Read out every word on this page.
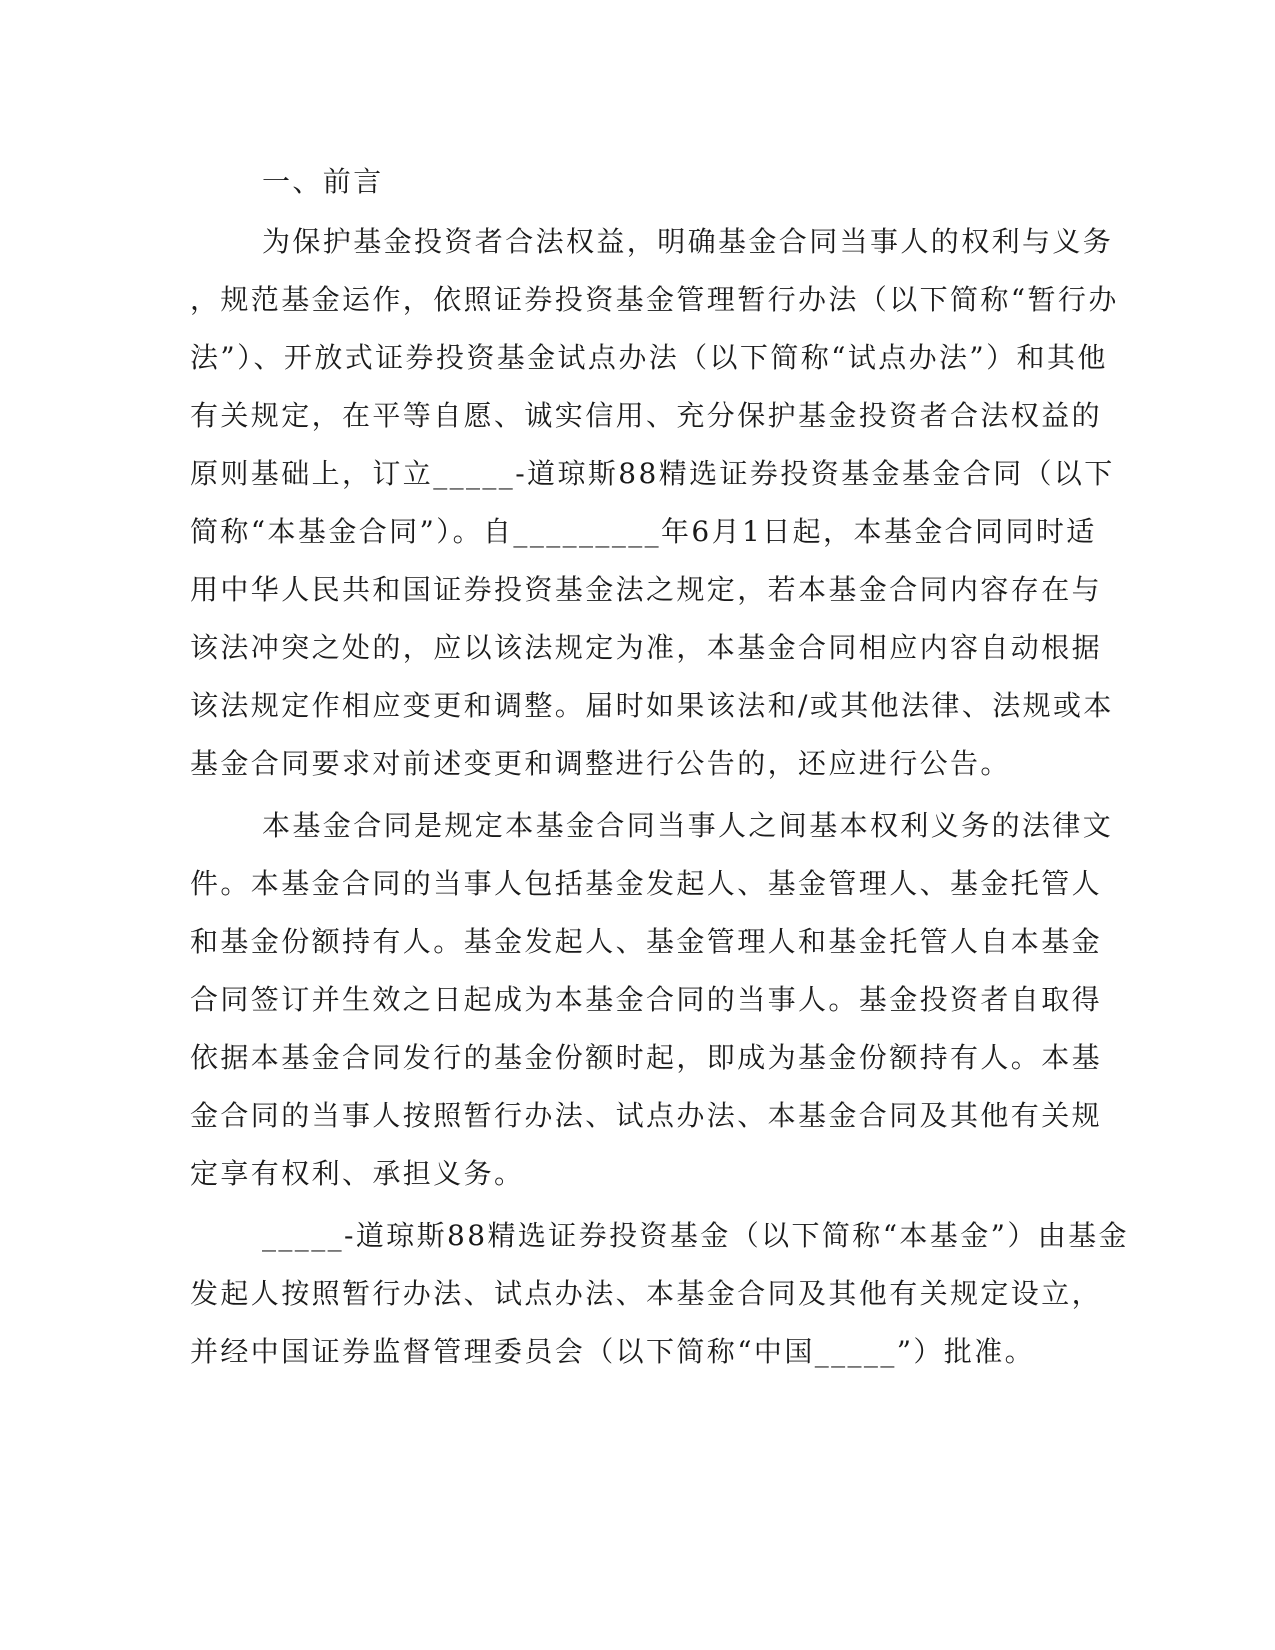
一、前言
为保护基金投资者合法权益，明确基金合同当事人的权利与义务
，规范基金运作，依照证券投资基金管理暂行办法（以下简称“暂行办
法”）、开放式证券投资基金试点办法（以下简称“试点办法”）和其他
有关规定，在平等自愿、诚实信用、充分保护基金投资者合法权益的
原则基础上，订立_____-道琼斯88精选证券投资基金基金合同（以下
简称“本基金合同”）。自_________年6月1日起，本基金合同同时适
用中华人民共和国证券投资基金法之规定，若本基金合同内容存在与
该法冲突之处的，应以该法规定为准，本基金合同相应内容自动根据
该法规定作相应变更和调整。届时如果该法和/或其他法律、法规或本
基金合同要求对前述变更和调整进行公告的，还应进行公告。
本基金合同是规定本基金合同当事人之间基本权利义务的法律文
件。本基金合同的当事人包括基金发起人、基金管理人、基金托管人
和基金份额持有人。基金发起人、基金管理人和基金托管人自本基金
合同签订并生效之日起成为本基金合同的当事人。基金投资者自取得
依据本基金合同发行的基金份额时起，即成为基金份额持有人。本基
金合同的当事人按照暂行办法、试点办法、本基金合同及其他有关规
定享有权利、承担义务。
_____-道琼斯88精选证券投资基金（以下简称“本基金”）由基金
发起人按照暂行办法、试点办法、本基金合同及其他有关规定设立，
并经中国证券监督管理委员会（以下简称“中国_____”）批准。
